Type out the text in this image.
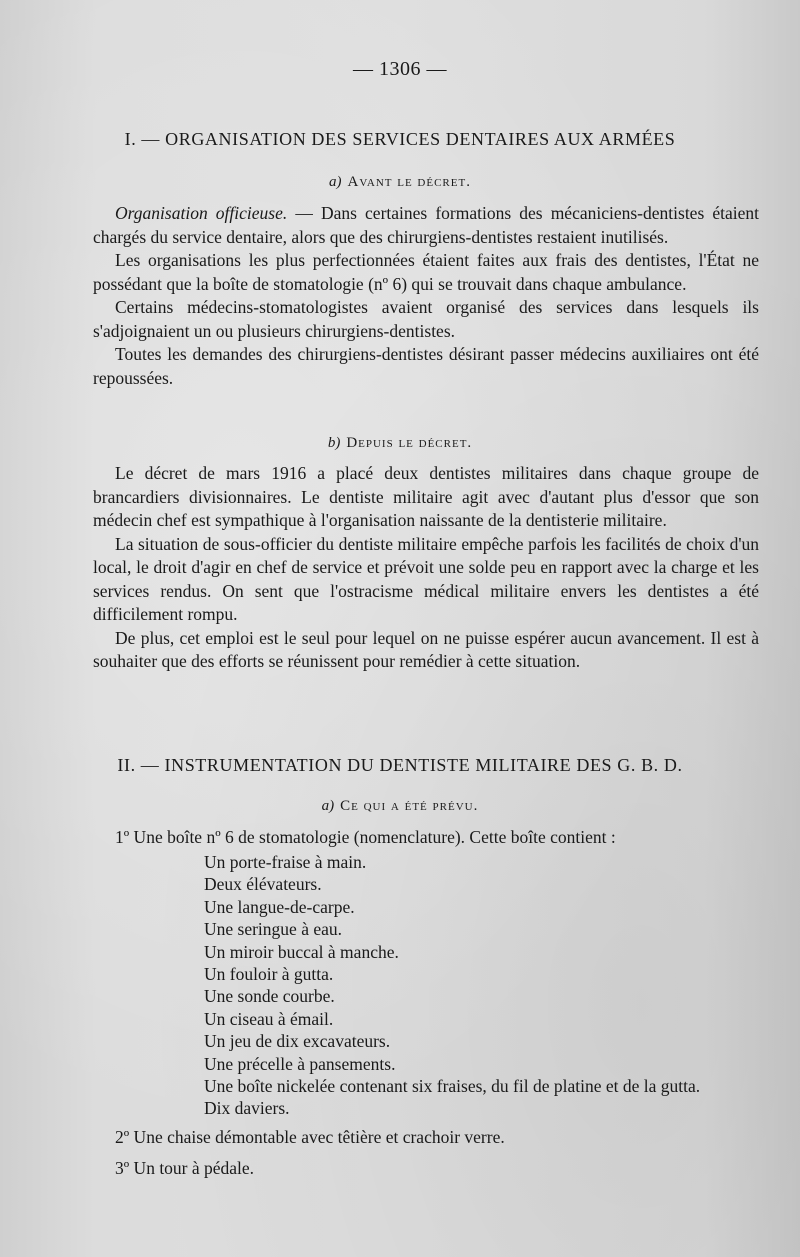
— 1306 —
I. — ORGANISATION DES SERVICES DENTAIRES AUX ARMÉES
a) Avant le décret.

Organisation officieuse. — Dans certaines formations des mécaniciens-dentistes étaient chargés du service dentaire, alors que des chirurgiens-dentistes restaient inutilisés.

Les organisations les plus perfectionnées étaient faites aux frais des dentistes, l'État ne possédant que la boîte de stomatologie (nº 6) qui se trouvait dans chaque ambulance.

Certains médecins-stomatologistes avaient organisé des services dans lesquels ils s'adjoignaient un ou plusieurs chirurgiens-dentistes.

Toutes les demandes des chirurgiens-dentistes désirant passer médecins auxiliaires ont été repoussées.

b) Depuis le décret.

Le décret de mars 1916 a placé deux dentistes militaires dans chaque groupe de brancardiers divisionnaires. Le dentiste militaire agit avec d'autant plus d'essor que son médecin chef est sympathique à l'organisation naissante de la dentisterie militaire.

La situation de sous-officier du dentiste militaire empêche parfois les facilités de choix d'un local, le droit d'agir en chef de service et prévoit une solde peu en rapport avec la charge et les services rendus. On sent que l'ostracisme médical militaire envers les dentistes a été difficilement rompu.

De plus, cet emploi est le seul pour lequel on ne puisse espérer aucun avancement. Il est à souhaiter que des efforts se réunissent pour remédier à cette situation.

II. — INSTRUMENTATION DU DENTISTE MILITAIRE DES G. B. D.
a) Ce qui a été prévu.
1º Une boîte nº 6 de stomatologie (nomenclature). Cette boîte contient :
Un porte-fraise à main.
Deux élévateurs.
Une langue-de-carpe.
Une seringue à eau.
Un miroir buccal à manche.
Un fouloir à gutta.
Une sonde courbe.
Un ciseau à émail.
Un jeu de dix excavateurs.
Une précelle à pansements.
Une boîte nickelée contenant six fraises, du fil de platine et de la gutta.
Dix daviers.
2º Une chaise démontable avec têtière et crachoir verre.
3º Un tour à pédale.
